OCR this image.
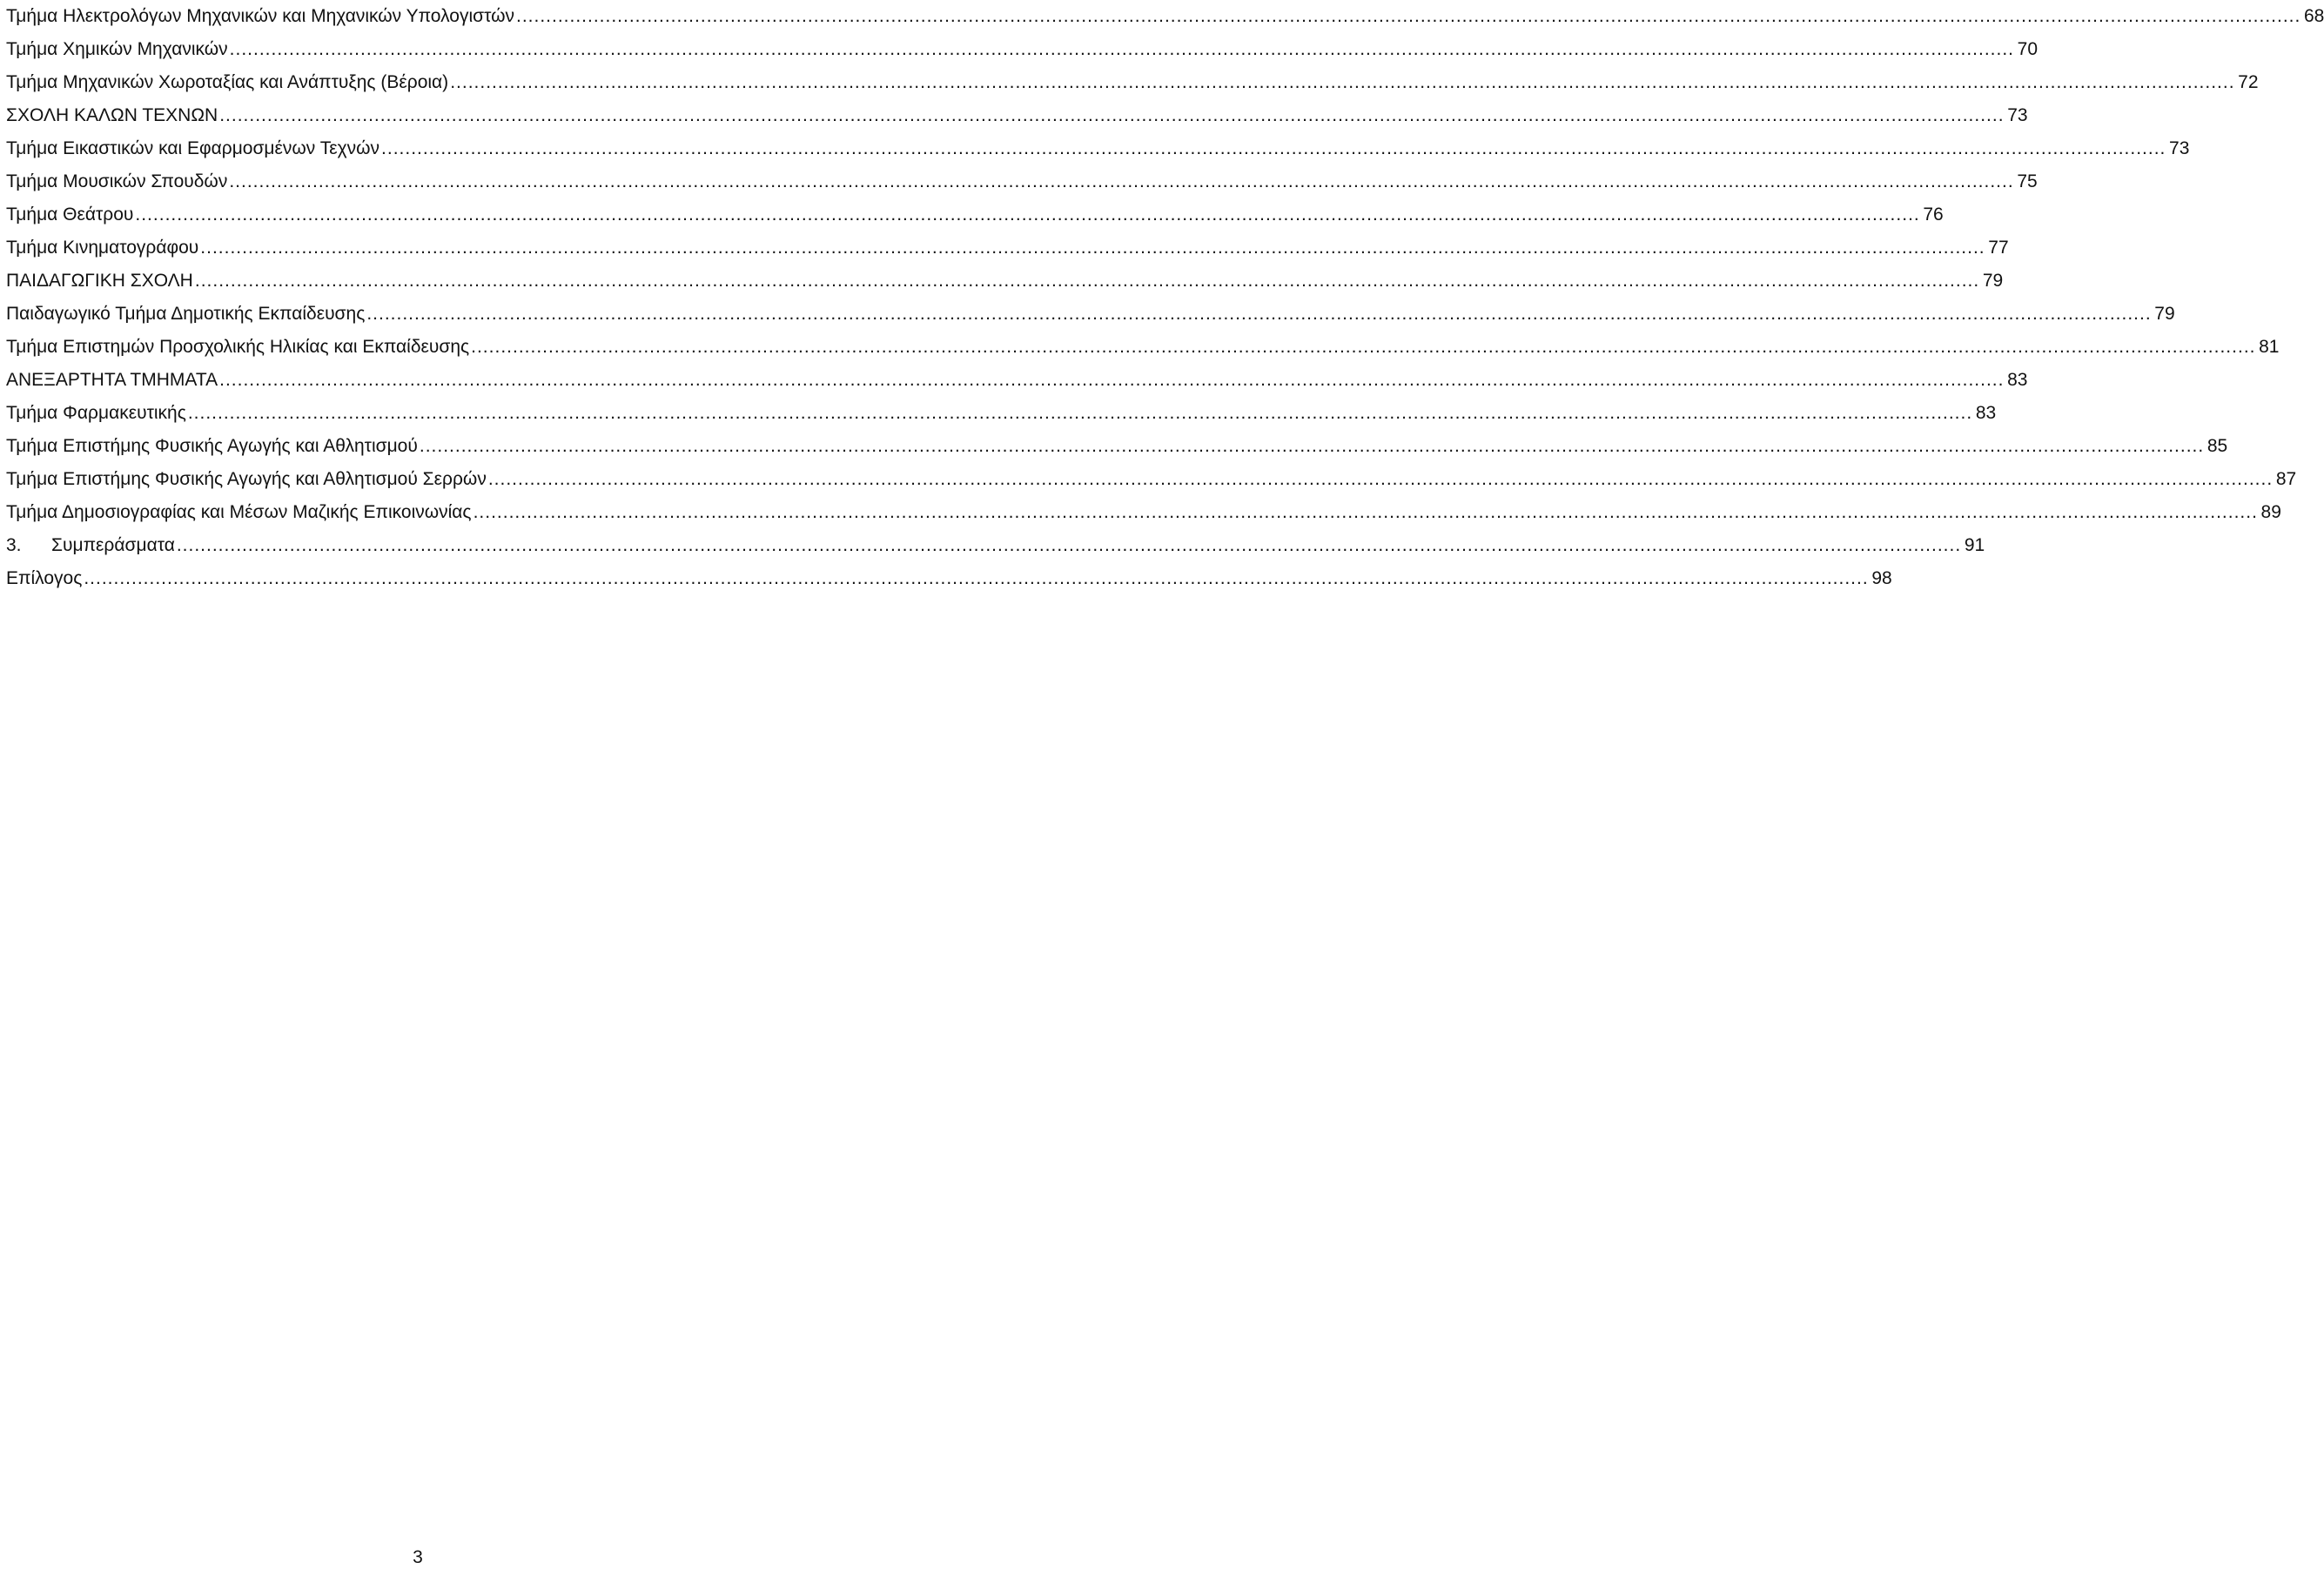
Τμήμα Ηλεκτρολόγων Μηχανικών και Μηχανικών Υπολογιστών ............................................................................................................................................................................................................................................................................................................ 68
Τμήμα Χημικών Μηχανικών ............................................................................................................................................................................................................................................................................................................ 70
Τμήμα Μηχανικών Χωροταξίας και Ανάπτυξης (Βέροια) ............................................................................................................................................................................................................................................................................................................ 72
ΣΧΟΛΗ ΚΑΛΩΝ ΤΕΧΝΩΝ ............................................................................................................................................................................................................................................................................................................ 73
Τμήμα Εικαστικών και Εφαρμοσμένων Τεχνών ............................................................................................................................................................................................................................................................................................................ 73
Τμήμα Μουσικών Σπουδών ............................................................................................................................................................................................................................................................................................................ 75
Τμήμα Θεάτρου ............................................................................................................................................................................................................................................................................................................ 76
Τμήμα Κινηματογράφου ............................................................................................................................................................................................................................................................................................................ 77
ΠΑΙΔΑΓΩΓΙΚΗ ΣΧΟΛΗ ............................................................................................................................................................................................................................................................................................................ 79
Παιδαγωγικό Τμήμα Δημοτικής Εκπαίδευσης ............................................................................................................................................................................................................................................................................................................ 79
Τμήμα Επιστημών Προσχολικής Ηλικίας και Εκπαίδευσης ............................................................................................................................................................................................................................................................................................................ 81
ΑΝΕΞΑΡΤΗΤΑ ΤΜΗΜΑΤΑ ............................................................................................................................................................................................................................................................................................................ 83
Τμήμα Φαρμακευτικής ............................................................................................................................................................................................................................................................................................................ 83
Τμήμα Επιστήμης Φυσικής Αγωγής και Αθλητισμού ............................................................................................................................................................................................................................................................................................................ 85
Τμήμα Επιστήμης Φυσικής Αγωγής και Αθλητισμού Σερρών ............................................................................................................................................................................................................................................................................................................ 87
Τμήμα Δημοσιογραφίας και Μέσων Μαζικής Επικοινωνίας ............................................................................................................................................................................................................................................................................................................ 89
3. Συμπεράσματα ............................................................................................................................................................................................................................................................................................................ 91
Επίλογος ............................................................................................................................................................................................................................................................................................................ 98
3
